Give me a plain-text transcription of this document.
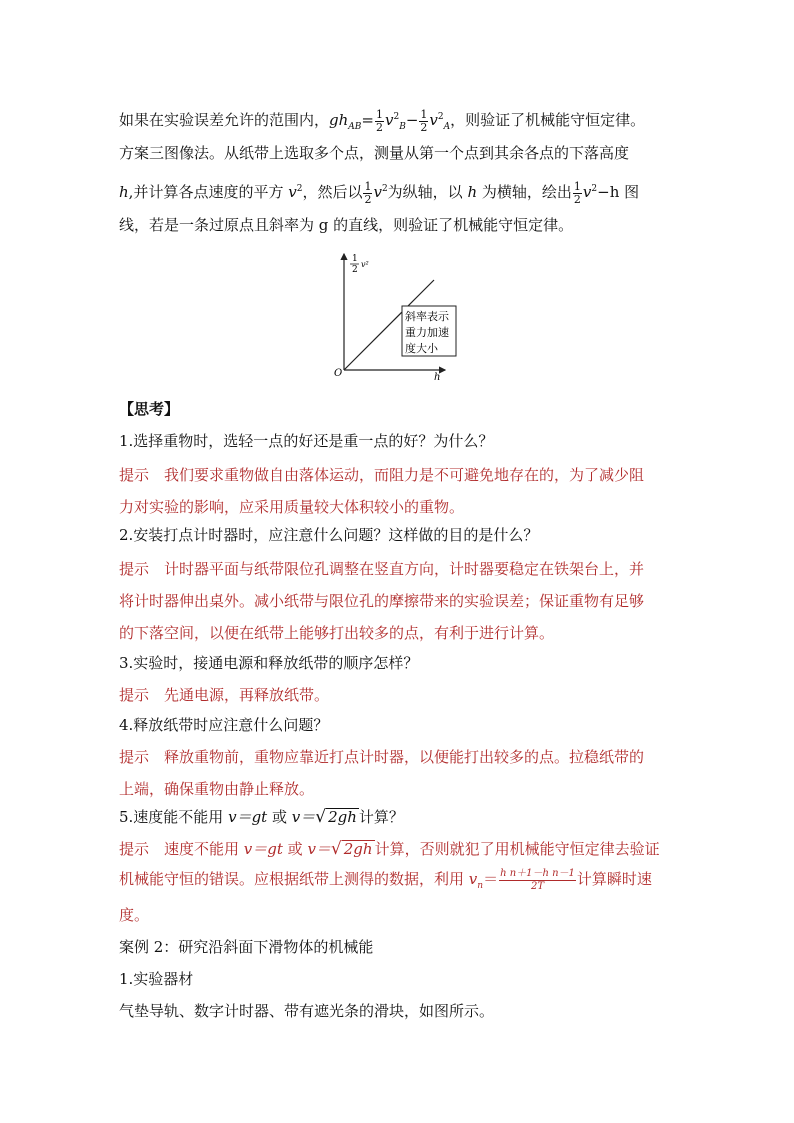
如果在实验误差允许的范围内，$gh_{AB}= \frac{1}{2} v^2_B- \frac{1}{2} v^2_A$，则验证了机械能守恒定律。
方案三图像法。从纸带上选取多个点，测量从第一个点到其余各点的下落高度
h,并计算各点速度的平方 $v^2$，然后以 $\frac{1}{2} v^2$为纵轴，以 h 为横轴，绘出 $\frac{1}{2} v^2-h$ 图
线，若是一条过原点且斜率为 g 的直线，则验证了机械能守恒定律。
1
2
v²
O	h
斜率表示
重力加速
度大小
【思考】
1.选择重物时，选轻一点的好还是重一点的好？为什么？
提示　我们要求重物做自由落体运动，而阻力是不可避免地存在的，为了减少阻
力对实验的影响，应采用质量较大体积较小的重物。
2.安装打点计时器时，应注意什么问题？这样做的目的是什么？
提示　计时器平面与纸带限位孔调整在竖直方向，计时器要稳定在铁架台上，并
将计时器伸出桌外。减小纸带与限位孔的摩擦带来的实验误差；保证重物有足够
的下落空间，以便在纸带上能够打出较多的点，有利于进行计算。
3.实验时，接通电源和释放纸带的顺序怎样？
提示　先通电源，再释放纸带。
4.释放纸带时应注意什么问题？
提示　释放重物前，重物应靠近打点计时器，以便能打出较多的点。拉稳纸带的
上端，确保重物由静止释放。
5.速度能不能用 v＝gt 或 v＝√ 2gh 计算？
提示　速度不能用 v＝gt 或 v＝√ 2gh 计算，否则就犯了用机械能守恒定律去验证
机械能守恒的错误。应根据纸带上测得的数据，利用 $v_n= \frac{\text{h n＋1－h n－1}}{2T}$ 计算瞬时速
度。
案例 2：研究沿斜面下滑物体的机械能
1.实验器材
气垫导轨、数字计时器、带有遮光条的滑块，如图所示。
